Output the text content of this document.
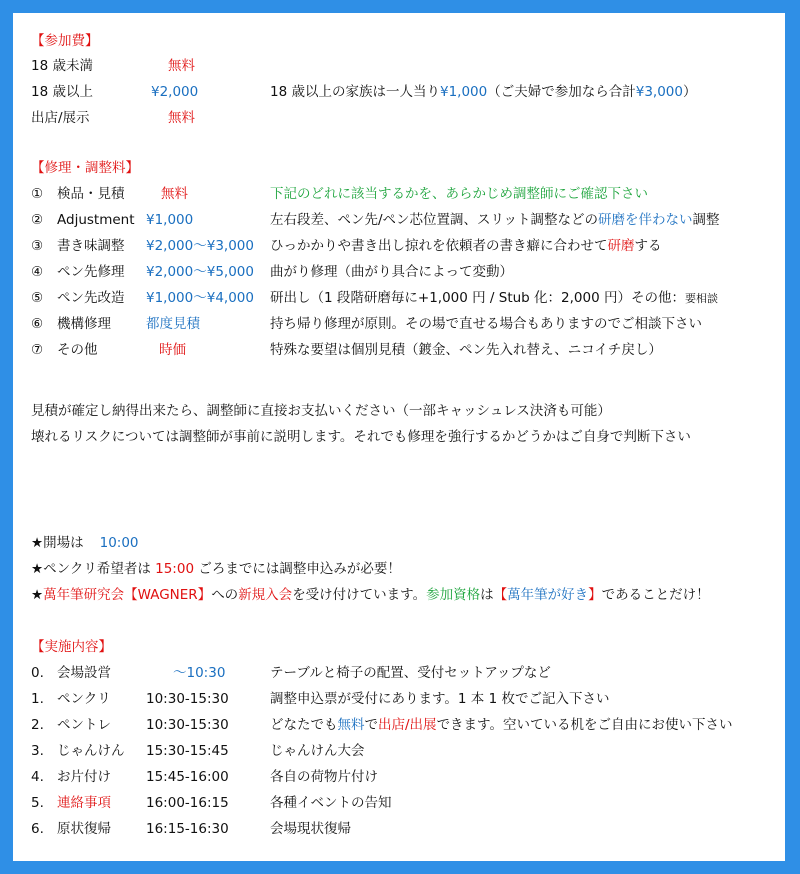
【参加費】
18 歳未満	無料
18 歳以上	¥2,000	18 歳以上の家族は一人当り¥1,000（ご夫婦で参加なら合計¥3,000）
出店/展示	無料
【修理・調整料】
① 検品・見積	無料	下記のどれに該当するかを、あらかじめ調整師にご確認下さい
② Adjustment ¥1,000	左右段差、ペン先/ペン芯位置調、スリット調整などの研磨を伴わない調整
③ 書き味調整 ¥2,000～¥3,000 ひっかかりや書き出し掠れを依頼者の書き癖に合わせて研磨する
④ ペン先修理 ¥2,000～¥5,000 曲がり修理（曲がり具合によって変動）
⑤ ペン先改造 ¥1,000～¥4,000 研出し（1 段階研磨毎に+1,000 円 / Stub 化：2,000 円）その他：要相談
⑥ 機構修理	都度見積	持ち帰り修理が原則。その場で直せる場合もありますのでご相談下さい
⑦ その他	時価	特殊な要望は個別見積（鍍金、ペン先入れ替え、ニコイチ戻し）
見積が確定し納得出来たら、調整師に直接お支払いください（一部キャッシュレス決済も可能）
壊れるリスクについては調整師が事前に説明します。それでも修理を強行するかどうかはご自身で判断下さい
★開場は 10:00
★ペンクリ希望者は 15:00 ごろまでには調整申込みが必要！
★萬年筆研究会【WAGNER】への新規入会を受け付けています。参加資格は【萬年筆が好き】であることだけ！
【実施内容】
0. 会場設営	～10:30	テーブルと椅子の配置、受付セットアップなど
1. ペンクリ	10:30-15:30	調整申込票が受付にあります。1 本 1 枚でご記入下さい
2. ペントレ	10:30-15:30	どなたでも無料で出店/出展できます。空いている机をご自由にお使い下さい
3. じゃんけん 15:30-15:45	じゃんけん大会
4. お片付け	15:45-16:00	各自の荷物片付け
5. 連絡事項	16:00-16:15	各種イベントの告知
6. 原状復帰	16:15-16:30	会場現状復帰
